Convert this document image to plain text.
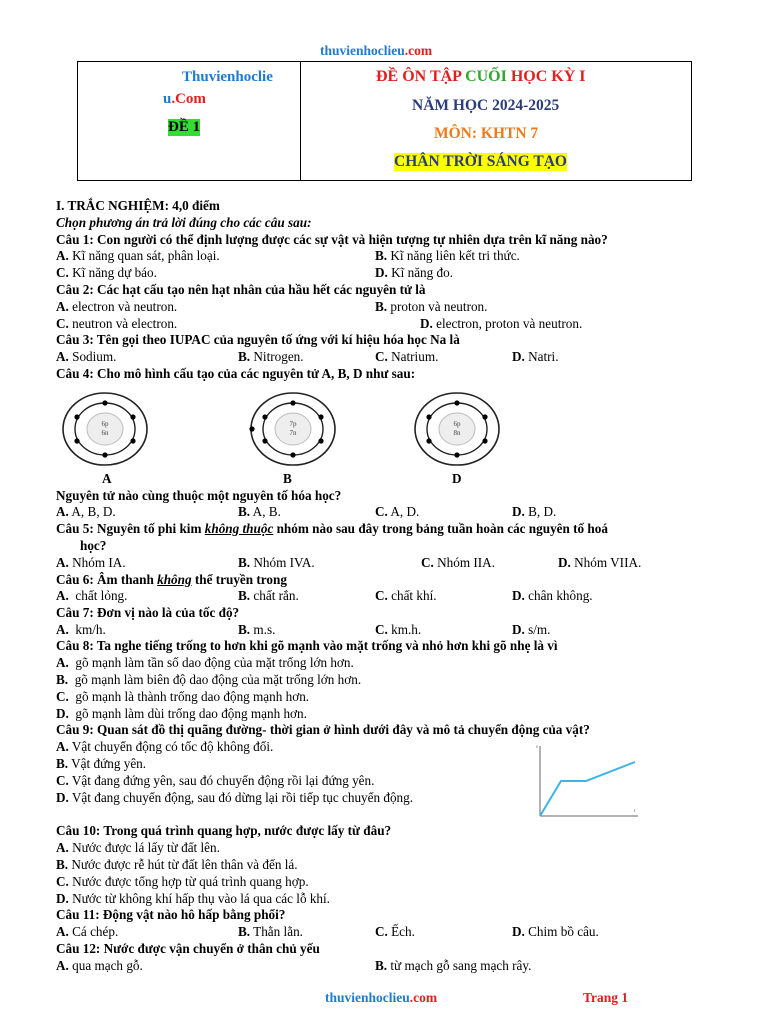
thuvienhoclieu.com
Thuvienhoclie
u.Com
ĐỀ 1
ĐỀ ÔN TẬP CUỐI HỌC KỲ I
NĂM HỌC 2024-2025
MÔN: KHTN 7
CHÂN TRỜI SÁNG TẠO
I. TRẮC NGHIỆM: 4,0 điểm
Chọn phương án trả lời đúng cho các câu sau:
Câu 1: Con người có thể định lượng được các sự vật và hiện tượng tự nhiên dựa trên kĩ năng nào?
A. Kĩ năng quan sát, phân loại.	B. Kĩ năng liên kết tri thức.
C. Kĩ năng dự báo.	D. Kĩ năng đo.
Câu 2: Các hạt cấu tạo nên hạt nhân của hầu hết các nguyên tử là
A. electron và neutron.	B. proton và neutron.
C. neutron và electron.	D. electron, proton và neutron.
Câu 3: Tên gọi theo IUPAC của nguyên tố ứng với kí hiệu hóa học Na là
A. Sodium.	B. Nitrogen.	C. Natrium.	D. Natri.
Câu 4: Cho mô hình cấu tạo của các nguyên tử A, B, D như sau:
6p
6n
7p
7n
6p
8n
A	B	D
Nguyên tử nào cùng thuộc một nguyên tố hóa học?
A. A, B, D.	B. A, B.	C. A, D.	D. B, D.
Câu 5: Nguyên tố phi kim không thuộc nhóm nào sau đây trong bảng tuần hoàn các nguyên tố hoá
học?
A. Nhóm IA.	B. Nhóm IVA.	C. Nhóm IIA.	D. Nhóm VIIA.
Câu 6: Âm thanh không thể truyền trong
A. chất lỏng.	B. chất rắn.	C. chất khí.	D. chân không.
Câu 7: Đơn vị nào là của tốc độ?
A. km/h.	B. m.s.	C. km.h.	D. s/m.
Câu 8: Ta nghe tiếng trống to hơn khi gõ mạnh vào mặt trống và nhỏ hơn khi gõ nhẹ là vì
A. gõ mạnh làm tần số dao động của mặt trống lớn hơn.
B. gõ mạnh làm biên độ dao động của mặt trống lớn hơn.
C. gõ mạnh là thành trống dao động mạnh hơn.
D. gõ mạnh làm dùi trống dao động mạnh hơn.
Câu 9: Quan sát đồ thị quãng đường- thời gian ở hình dưới đây và mô tả chuyển động của vật?
A. Vật chuyển động có tốc độ không đổi.
B. Vật đứng yên.
C. Vật đang đứng yên, sau đó chuyển động rồi lại đứng yên.
D. Vật đang chuyển động, sau đó dừng lại rồi tiếp tục chuyển động.
s
t
Câu 10: Trong quá trình quang hợp, nước được lấy từ đâu?
A. Nước được lá lấy từ đất lên.
B. Nước được rễ hút từ đất lên thân và đến lá.
C. Nước được tổng hợp từ quá trình quang hợp.
D. Nước từ không khí hấp thụ vào lá qua các lỗ khí.
Câu 11: Động vật nào hô hấp bằng phổi?
A. Cá chép.	B. Thằn lằn.	C. Ếch.	D. Chim bồ câu.
Câu 12: Nước được vận chuyển ở thân chủ yếu
A. qua mạch gỗ.	B. từ mạch gỗ sang mạch rây.
thuvienhoclieu.com	Trang 1
